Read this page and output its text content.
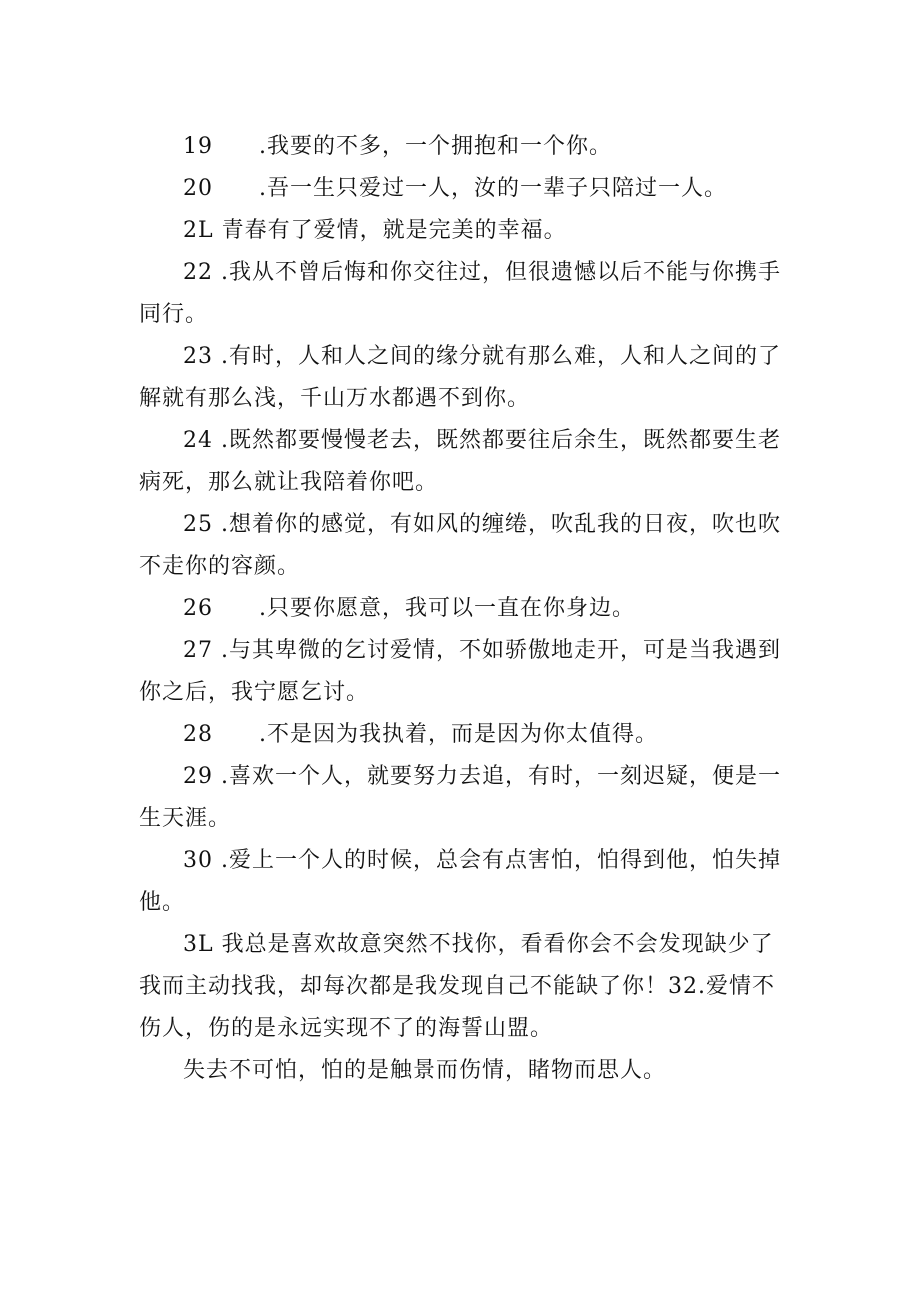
19　　.我要的不多，一个拥抱和一个你。
20　　.吾一生只爱过一人，汝的一辈子只陪过一人。
2L 青春有了爱情，就是完美的幸福。
22 .我从不曾后悔和你交往过，但很遗憾以后不能与你携手
同行。
23 .有时，人和人之间的缘分就有那么难，人和人之间的了
解就有那么浅，千山万水都遇不到你。
24 .既然都要慢慢老去，既然都要往后余生，既然都要生老
病死，那么就让我陪着你吧。
25 .想着你的感觉，有如风的缠绻，吹乱我的日夜，吹也吹
不走你的容颜。
26　　.只要你愿意，我可以一直在你身边。
27 .与其卑微的乞讨爱情，不如骄傲地走开，可是当我遇到
你之后，我宁愿乞讨。
28　　.不是因为我执着，而是因为你太值得。
29 .喜欢一个人，就要努力去追，有时，一刻迟疑，便是一
生天涯。
30 .爱上一个人的时候，总会有点害怕，怕得到他，怕失掉
他。
3L 我总是喜欢故意突然不找你，看看你会不会发现缺少了
我而主动找我，却每次都是我发现自己不能缺了你！32.爱情不
伤人，伤的是永远实现不了的海誓山盟。
失去不可怕，怕的是触景而伤情，睹物而思人。
